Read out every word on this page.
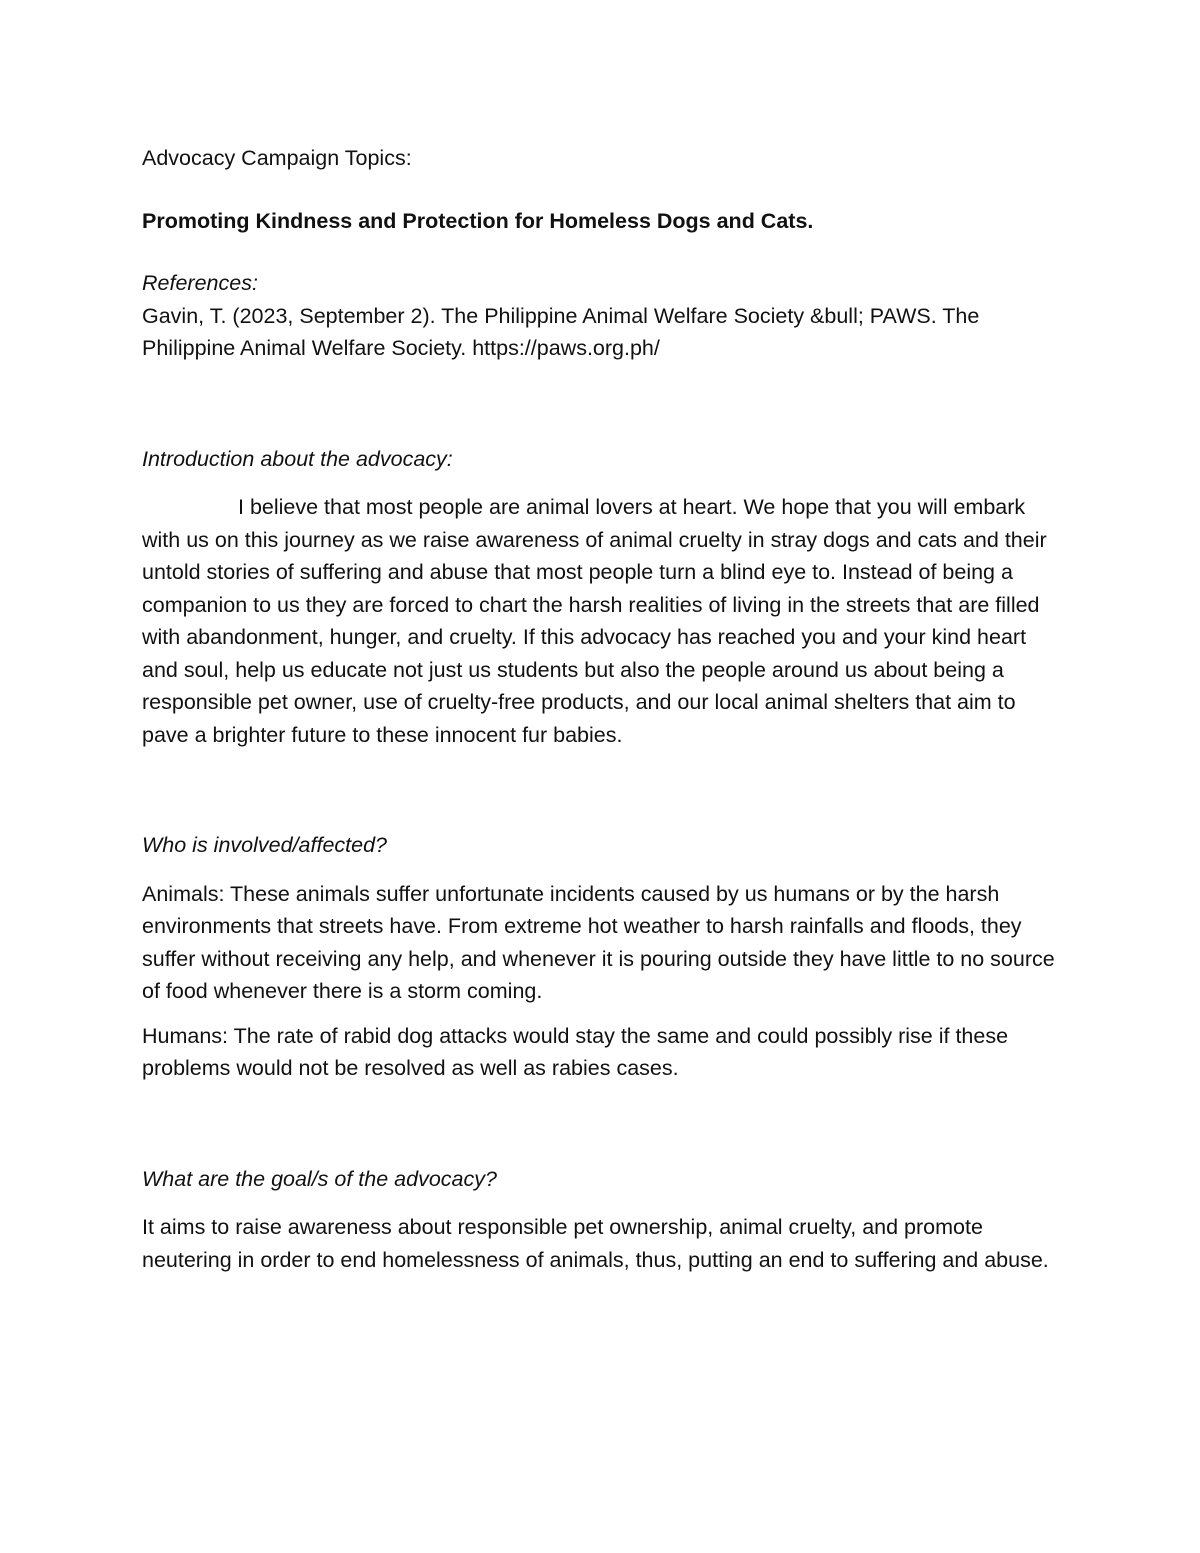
Advocacy Campaign Topics:

Promoting Kindness and Protection for Homeless Dogs and Cats.

References:

Gavin, T. (2023, September 2). The Philippine Animal Welfare Society &bull; PAWS. The Philippine Animal Welfare Society. https://paws.org.ph/

Introduction about the advocacy:

I believe that most people are animal lovers at heart. We hope that you will embark with us on this journey as we raise awareness of animal cruelty in stray dogs and cats and their untold stories of suffering and abuse that most people turn a blind eye to. Instead of being a companion to us they are forced to chart the harsh realities of living in the streets that are filled with abandonment, hunger, and cruelty. If this advocacy has reached you and your kind heart and soul, help us educate not just us students but also the people around us about being a responsible pet owner, use of cruelty-free products, and our local animal shelters that aim to pave a brighter future to these innocent fur babies.

Who is involved/affected?

Animals: These animals suffer unfortunate incidents caused by us humans or by the harsh environments that streets have. From extreme hot weather to harsh rainfalls and floods, they suffer without receiving any help, and whenever it is pouring outside they have little to no source of food whenever there is a storm coming.

Humans: The rate of rabid dog attacks would stay the same and could possibly rise if these problems would not be resolved as well as rabies cases.

What are the goal/s of the advocacy?

It aims to raise awareness about responsible pet ownership, animal cruelty, and promote neutering in order to end homelessness of animals, thus, putting an end to suffering and abuse.
